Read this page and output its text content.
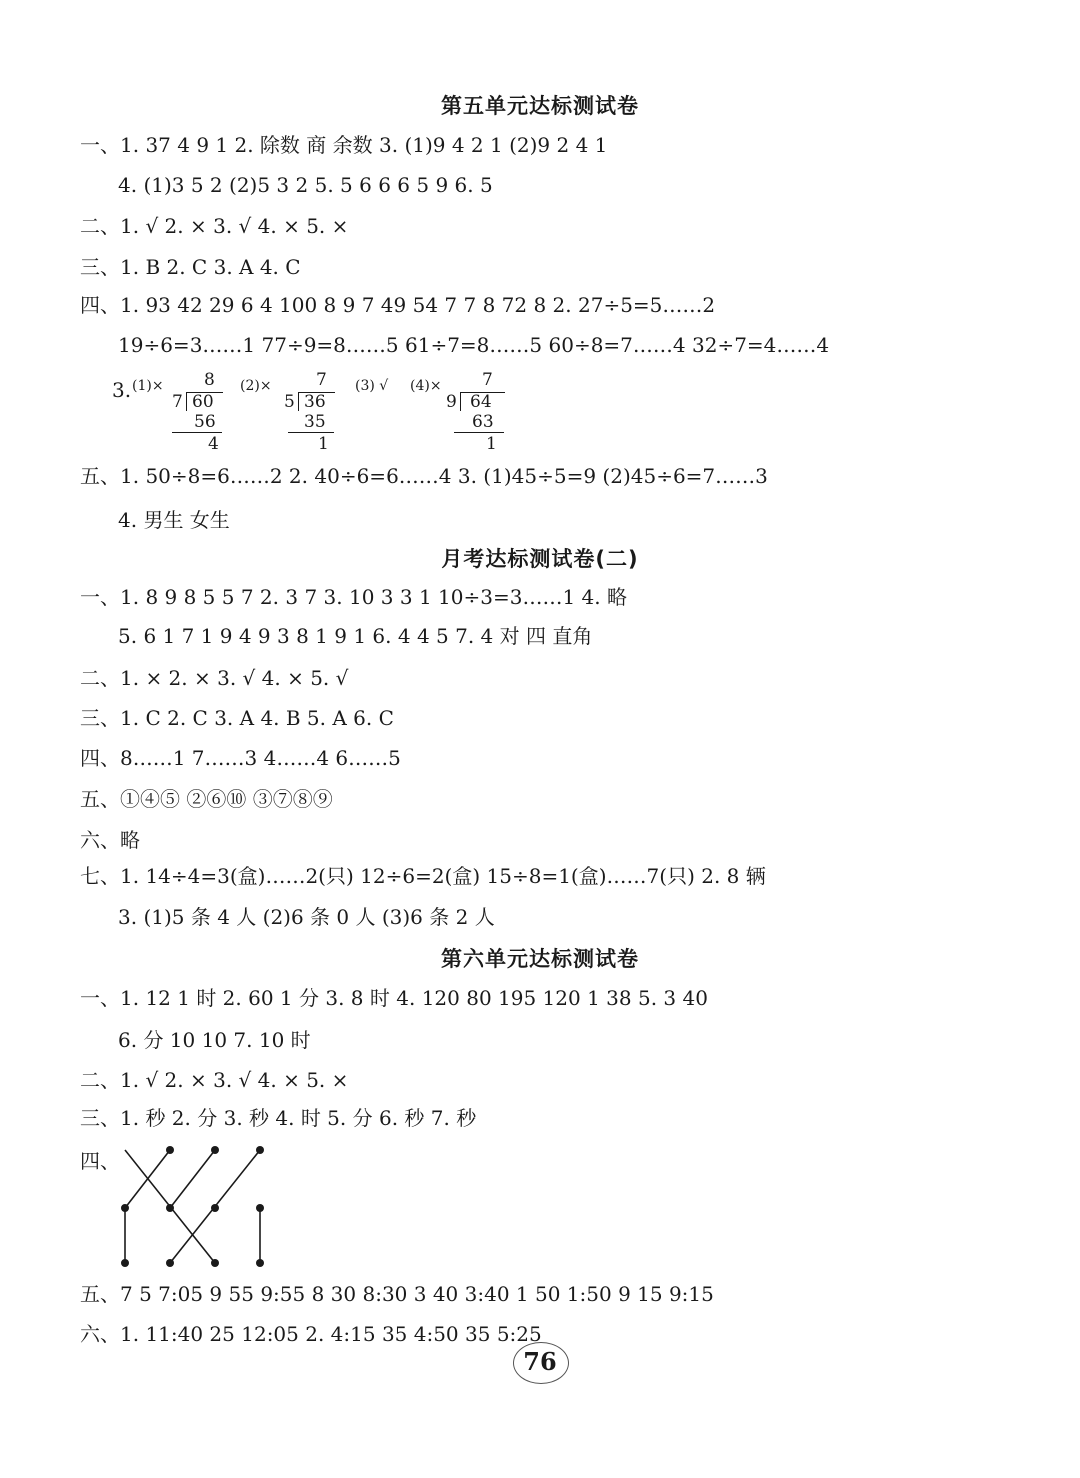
第五单元达标测试卷
一、1. 37 4 9 1 2. 除数 商 余数 3. (1)9 4 2 1 (2)9 2 4 1
4. (1)3 5 2 (2)5 3 2 5. 5 6 6 6 5 9 6. 5
二、1. √ 2. × 3. √ 4. × 5. ×
三、1. B 2. C 3. A 4. C
四、1. 93 42 29 6 4 100 8 9 7 49 54 7 7 8 72 8 2. 27÷5=5……2
19÷6=3……1 77÷9=8……5 61÷7=8……5 60÷8=7……4 32÷7=4……4
3. (1)× 8
7 60
56
4
(2)×	7
5 36
35
1
(3) √ (4)× 7
9 64
63
1
五、1. 50÷8=6……2 2. 40÷6=6……4 3. (1)45÷5=9 (2)45÷6=7……3
4. 男生 女生
月考达标测试卷(二)
一、1. 8 9 8 5 5 7 2. 3 7 3. 10 3 3 1 10÷3=3……1 4. 略
5. 6 1 7 1 9 4 9 3 8 1 9 1 6. 4 4 5 7. 4 对 四 直角
二、1. × 2. × 3. √ 4. × 5. √
三、1. C 2. C 3. A 4. B 5. A 6. C
四、8……1 7……3 4……4 6……5
五、①④⑤ ②⑥⑩ ③⑦⑧⑨
六、略
七、1. 14÷4=3(盒)……2(只) 12÷6=2(盒) 15÷8=1(盒)……7(只) 2. 8 辆
3. (1)5 条 4 人 (2)6 条 0 人 (3)6 条 2 人
第六单元达标测试卷
一、1. 12 1 时 2. 60 1 分 3. 8 时 4. 120 80 195 120 1 38 5. 3 40
6. 分 10 10 7. 10 时
二、1. √ 2. × 3. √ 4. × 5. ×
三、1. 秒 2. 分 3. 秒 4. 时 5. 分 6. 秒 7. 秒
四、
五、7 5 7:05 9 55 9:55 8 30 8:30 3 40 3:40 1 50 1:50 9 15 9:15
六、1. 11:40 25 12:05 2. 4:15 35 4:50 35 5:25
76
